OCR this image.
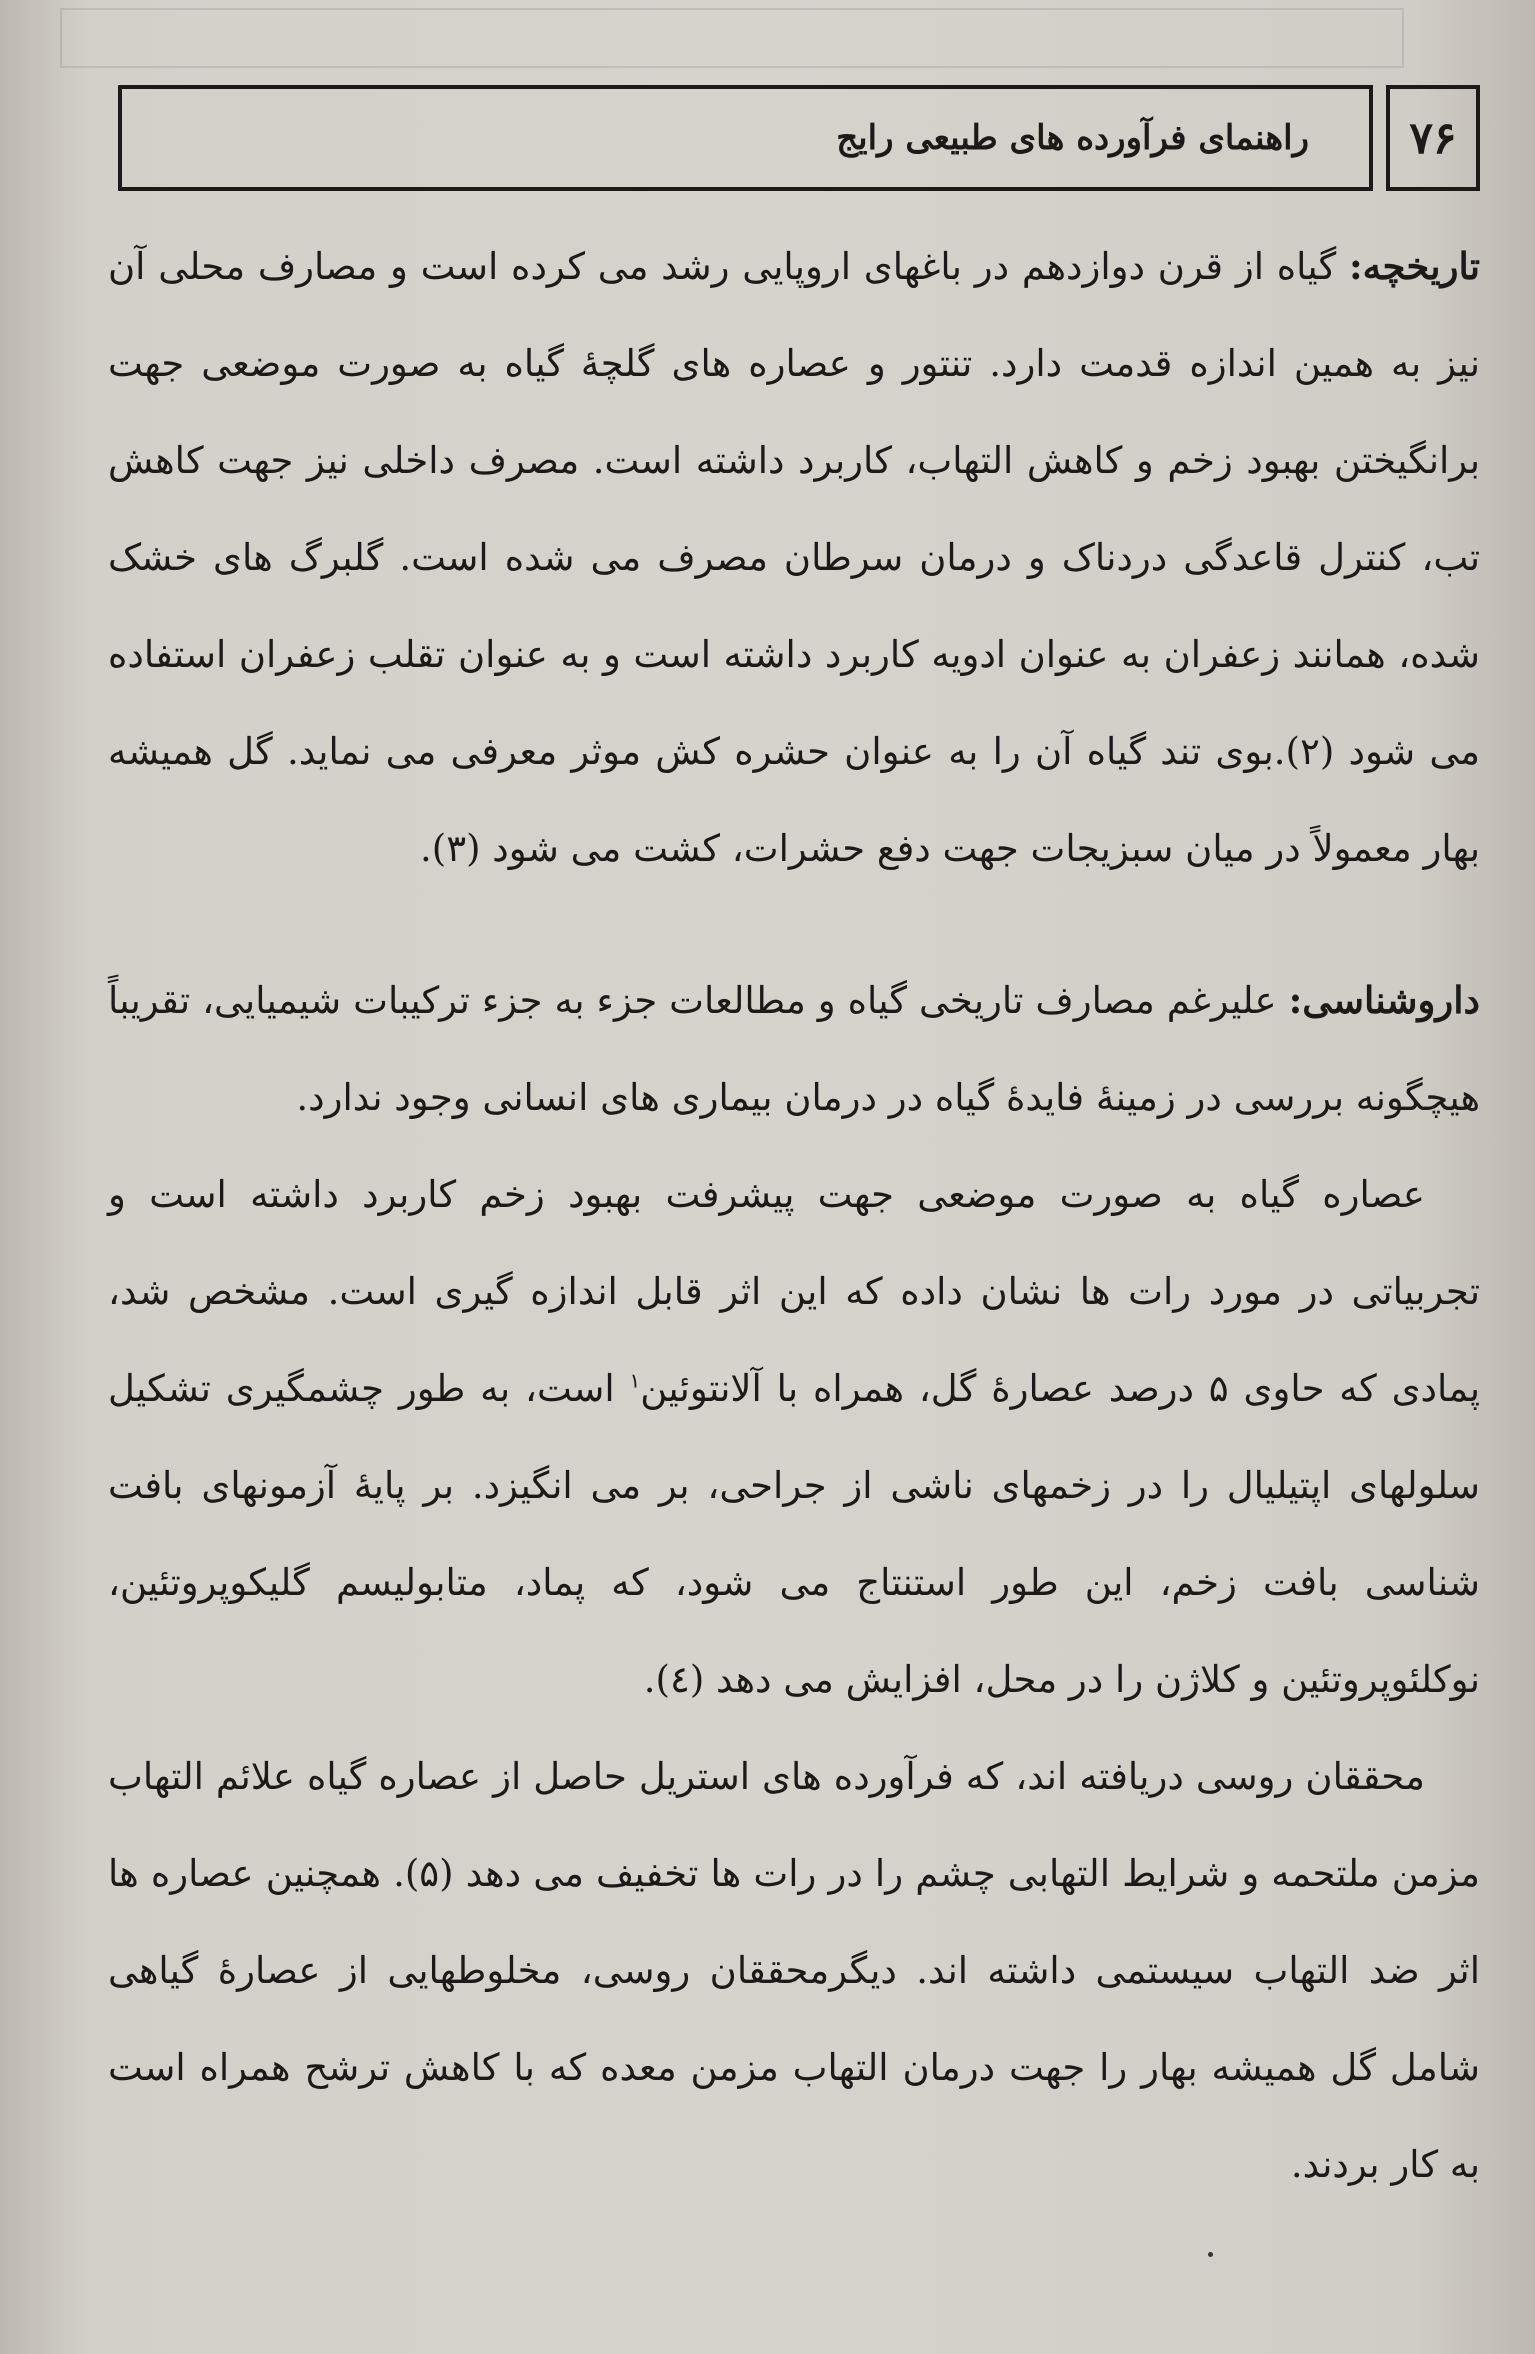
راهنمای فرآورده های طبیعی رایج ۷۶

تاریخچه: گیاه از قرن دوازدهم در باغهای اروپایی رشد می کرده است و مصارف محلی آن نیز به همین اندازه قدمت دارد. تنتور و عصاره های گلچهٔ گیاه به صورت موضعی جهت برانگیختن بهبود زخم و کاهش التهاب، کاربرد داشته است. مصرف داخلی نیز جهت کاهش تب، کنترل قاعدگی دردناک و درمان سرطان مصرف می شده است. گلبرگ های خشک شده، همانند زعفران به عنوان ادویه کاربرد داشته است و به عنوان تقلب زعفران استفاده می شود (۲).بوی تند گیاه آن را به عنوان حشره کش موثر معرفی می نماید. گل همیشه بهار معمولاً در میان سبزیجات جهت دفع حشرات، کشت می شود (۳).

داروشناسی: علیرغم مصارف تاریخی گیاه و مطالعات جزء به جزء ترکیبات شیمیایی، تقریباً هیچگونه بررسی در زمینهٔ فایدهٔ گیاه در درمان بیماری های انسانی وجود ندارد.

عصاره گیاه به صورت موضعی جهت پیشرفت بهبود زخم کاربرد داشته است و تجربیاتی در مورد رات ها نشان داده که این اثر قابل اندازه گیری است. مشخص شد، پمادی که حاوی ۵ درصد عصارهٔ گل، همراه با آلانتوئین$^۱$ است، به طور چشمگیری تشکیل سلولهای اپتیلیال را در زخمهای ناشی از جراحی، بر می انگیزد. بر پایهٔ آزمونهای بافت شناسی بافت زخم، این طور استنتاج می شود، که پماد، متابولیسم گلیکوپروتئین، نوکلئوپروتئین و کلاژن را در محل، افزایش می دهد (٤).

محققان روسی دریافته اند، که فرآورده های استریل حاصل از عصاره گیاه علائم التهاب مزمن ملتحمه و شرایط التهابی چشم را در رات ها تخفیف می دهد (۵). همچنین عصاره ها اثر ضد التهاب سیستمی داشته اند. دیگرمحققان روسی، مخلوطهایی از عصارهٔ گیاهی شامل گل همیشه بهار را جهت درمان التهاب مزمن معده که با کاهش ترشح همراه است به کار بردند.
